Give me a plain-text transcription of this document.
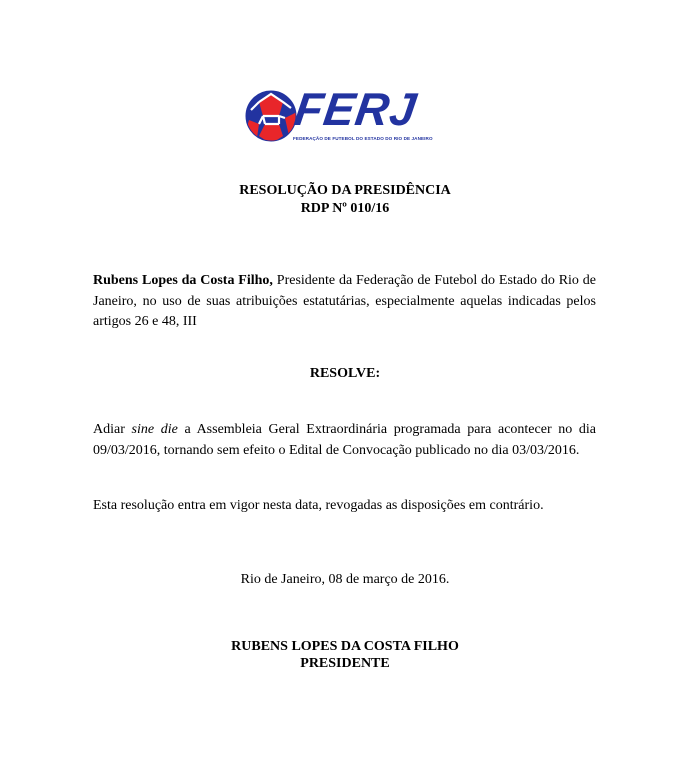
FERJ
FEDERAÇÃO DE FUTEBOL DO ESTADO DO RIO DE JANEIRO
RESOLUÇÃO DA PRESIDÊNCIA
RDP Nº 010/16
Rubens Lopes da Costa Filho, Presidente da Federação de Futebol do Estado do Rio de Janeiro, no uso de suas atribuições estatutárias, especialmente aquelas indicadas pelos artigos 26 e 48, III
RESOLVE:
Adiar sine die a Assembleia Geral Extraordinária programada para acontecer no dia 09/03/2016, tornando sem efeito o Edital de Convocação publicado no dia 03/03/2016.
Esta resolução entra em vigor nesta data, revogadas as disposições em contrário.
Rio de Janeiro, 08 de março de 2016.
RUBENS LOPES DA COSTA FILHO
PRESIDENTE
